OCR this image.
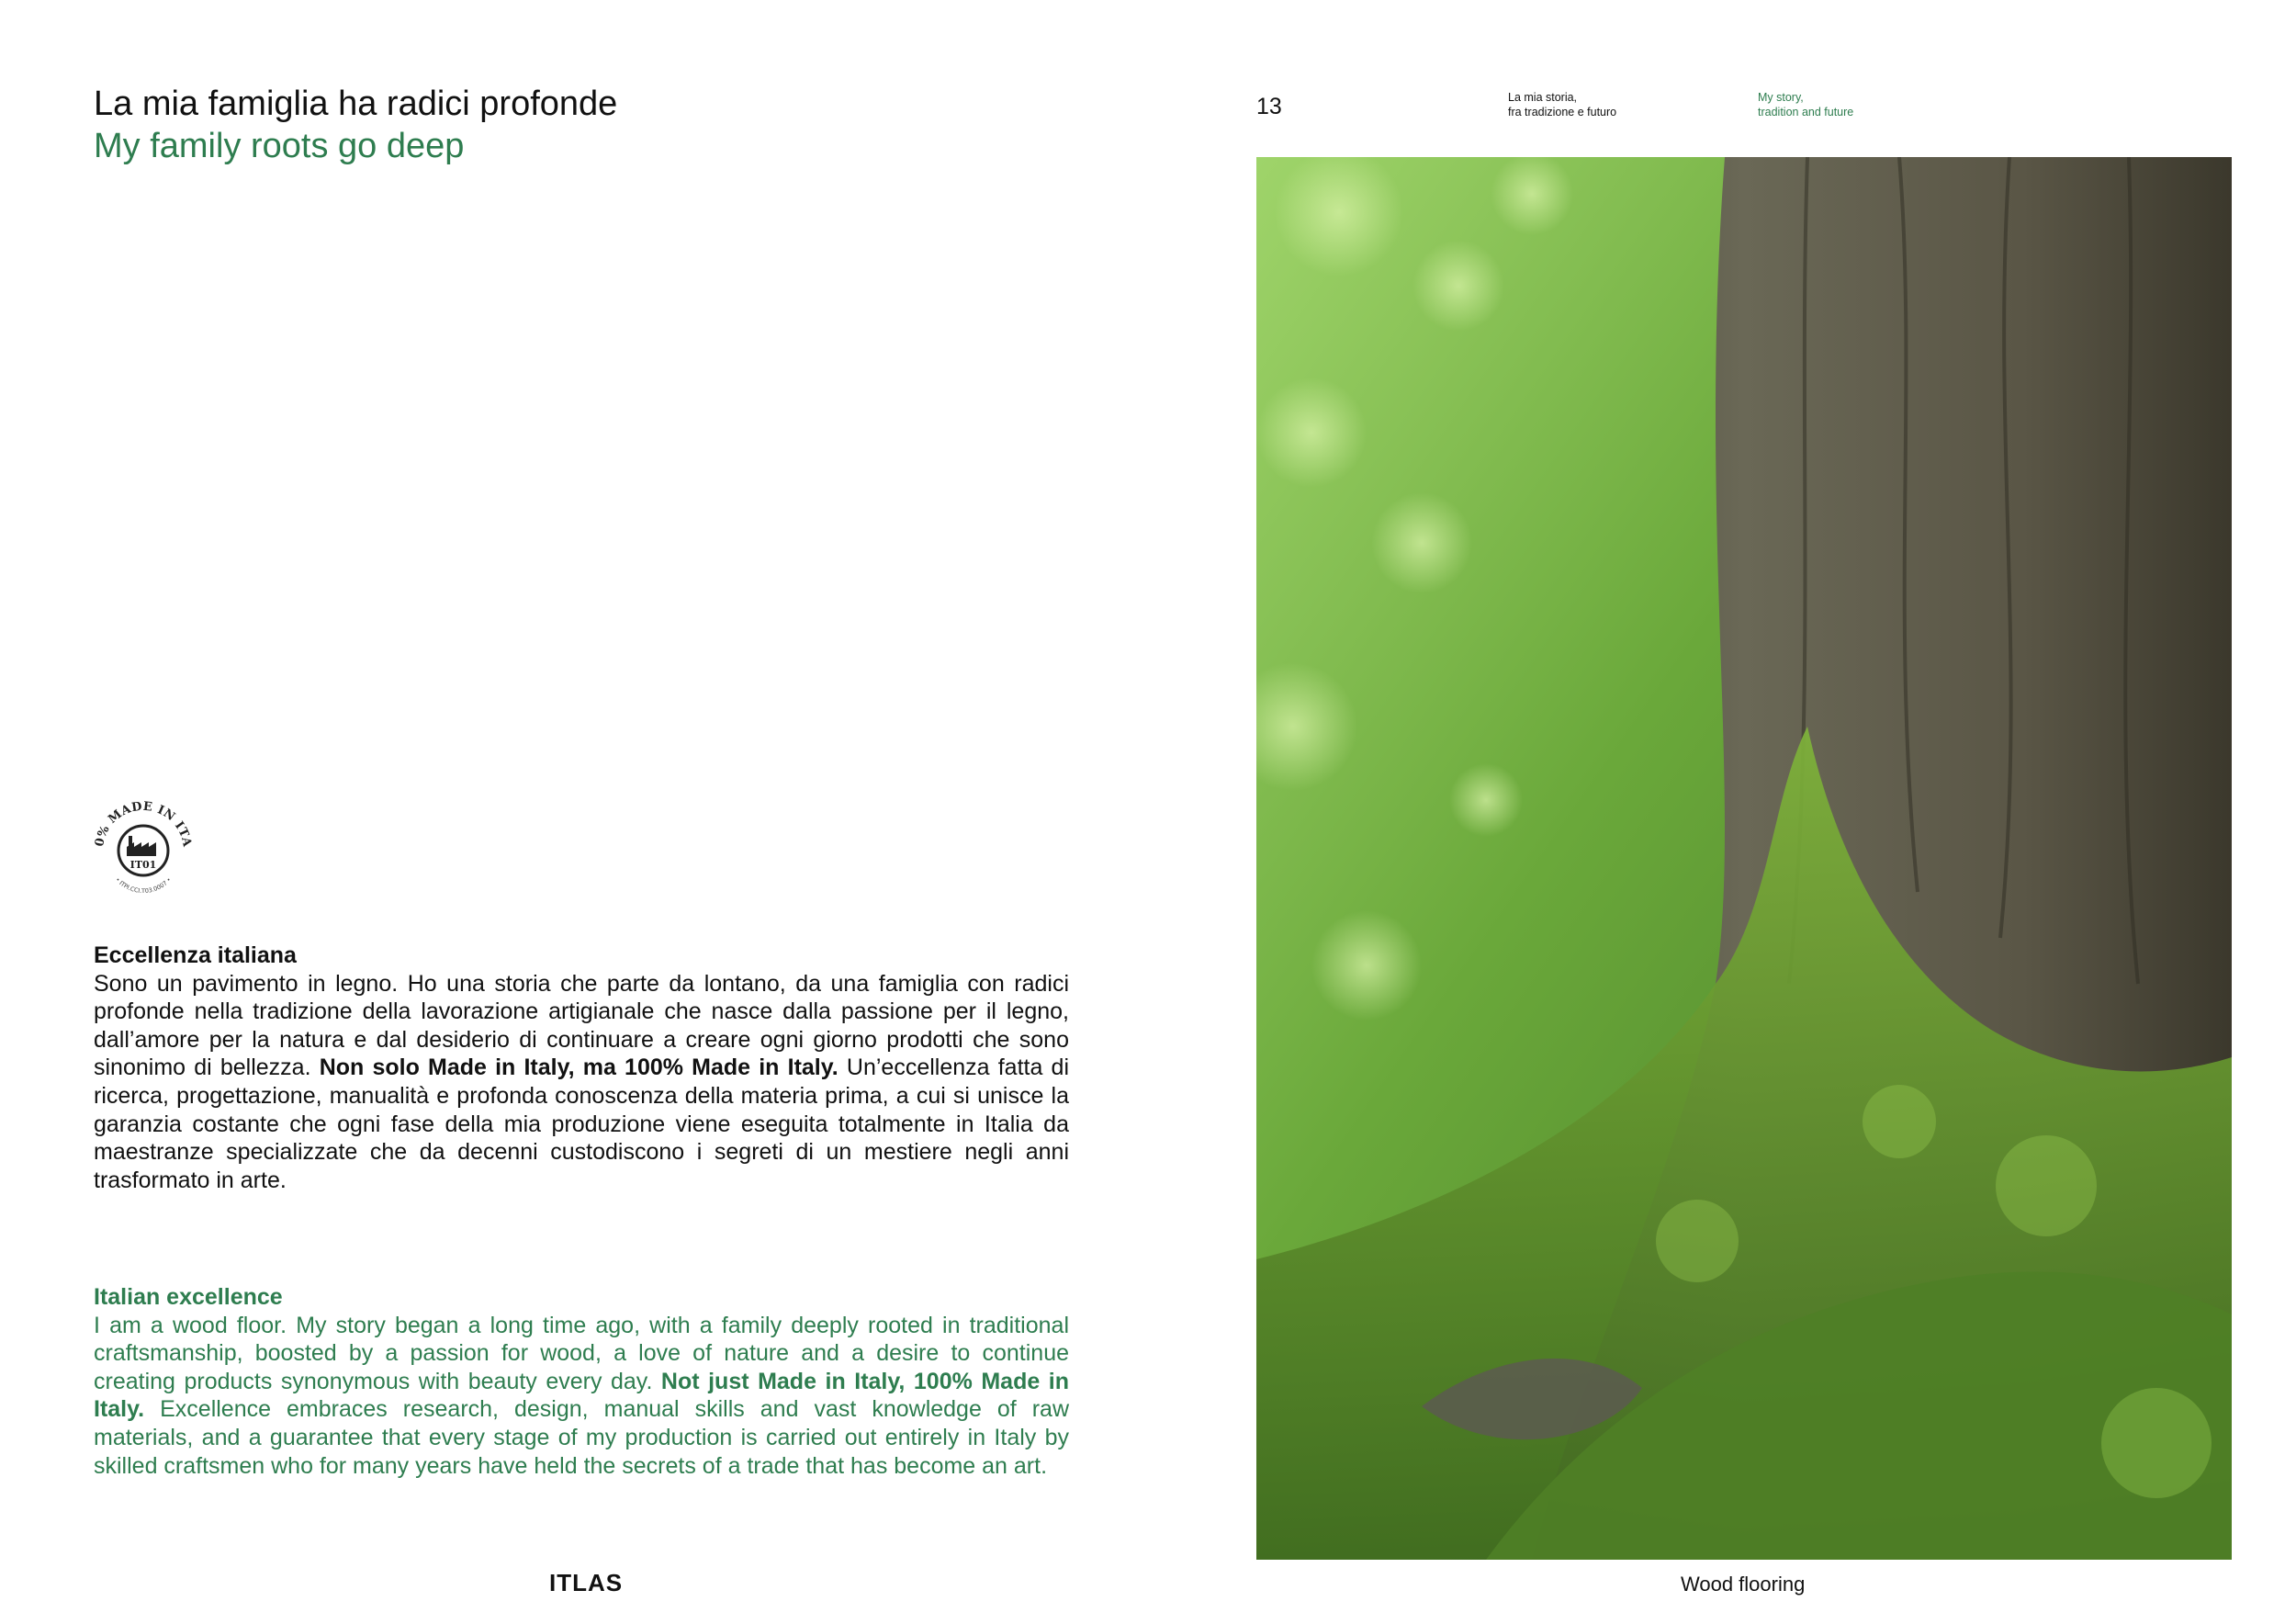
La mia famiglia ha radici profonde
My family roots go deep
0% MADE IN ITA
IT01
• ITPI.CCI.T03.0007 •
Eccellenza italiana
Sono un pavimento in legno. Ho una storia che parte da lontano, da una famiglia con radici profonde nella tradizione della lavorazione artigianale che nasce dalla passione per il legno, dall’amore per la natura e dal desiderio di continuare a creare ogni giorno prodotti che sono sinonimo di bellezza. Non solo Made in Italy, ma 100% Made in Italy. Un’eccellenza fatta di ricerca, progettazione, manualità e profonda conoscenza della materia prima, a cui si unisce la garanzia costante che ogni fase della mia produzione viene eseguita totalmente in Italia da maestranze specializzate che da decenni custodiscono i segreti di un mestiere negli anni trasformato in arte.
Italian excellence
I am a wood floor. My story began a long time ago, with a family deeply rooted in traditional craftsmanship, boosted by a passion for wood, a love of nature and a desire to continue creating products synonymous with beauty every day. Not just Made in Italy, 100% Made in Italy. Excellence embraces research, design, manual skills and vast knowledge of raw materials, and a guarantee that every stage of my production is carried out entirely in Italy by skilled craftsmen who for many years have held the secrets of a trade that has become an art.
ITLAS
13	La mia storia,
fra tradizione e futuro
My story,
tradition and future
Wood flooring
